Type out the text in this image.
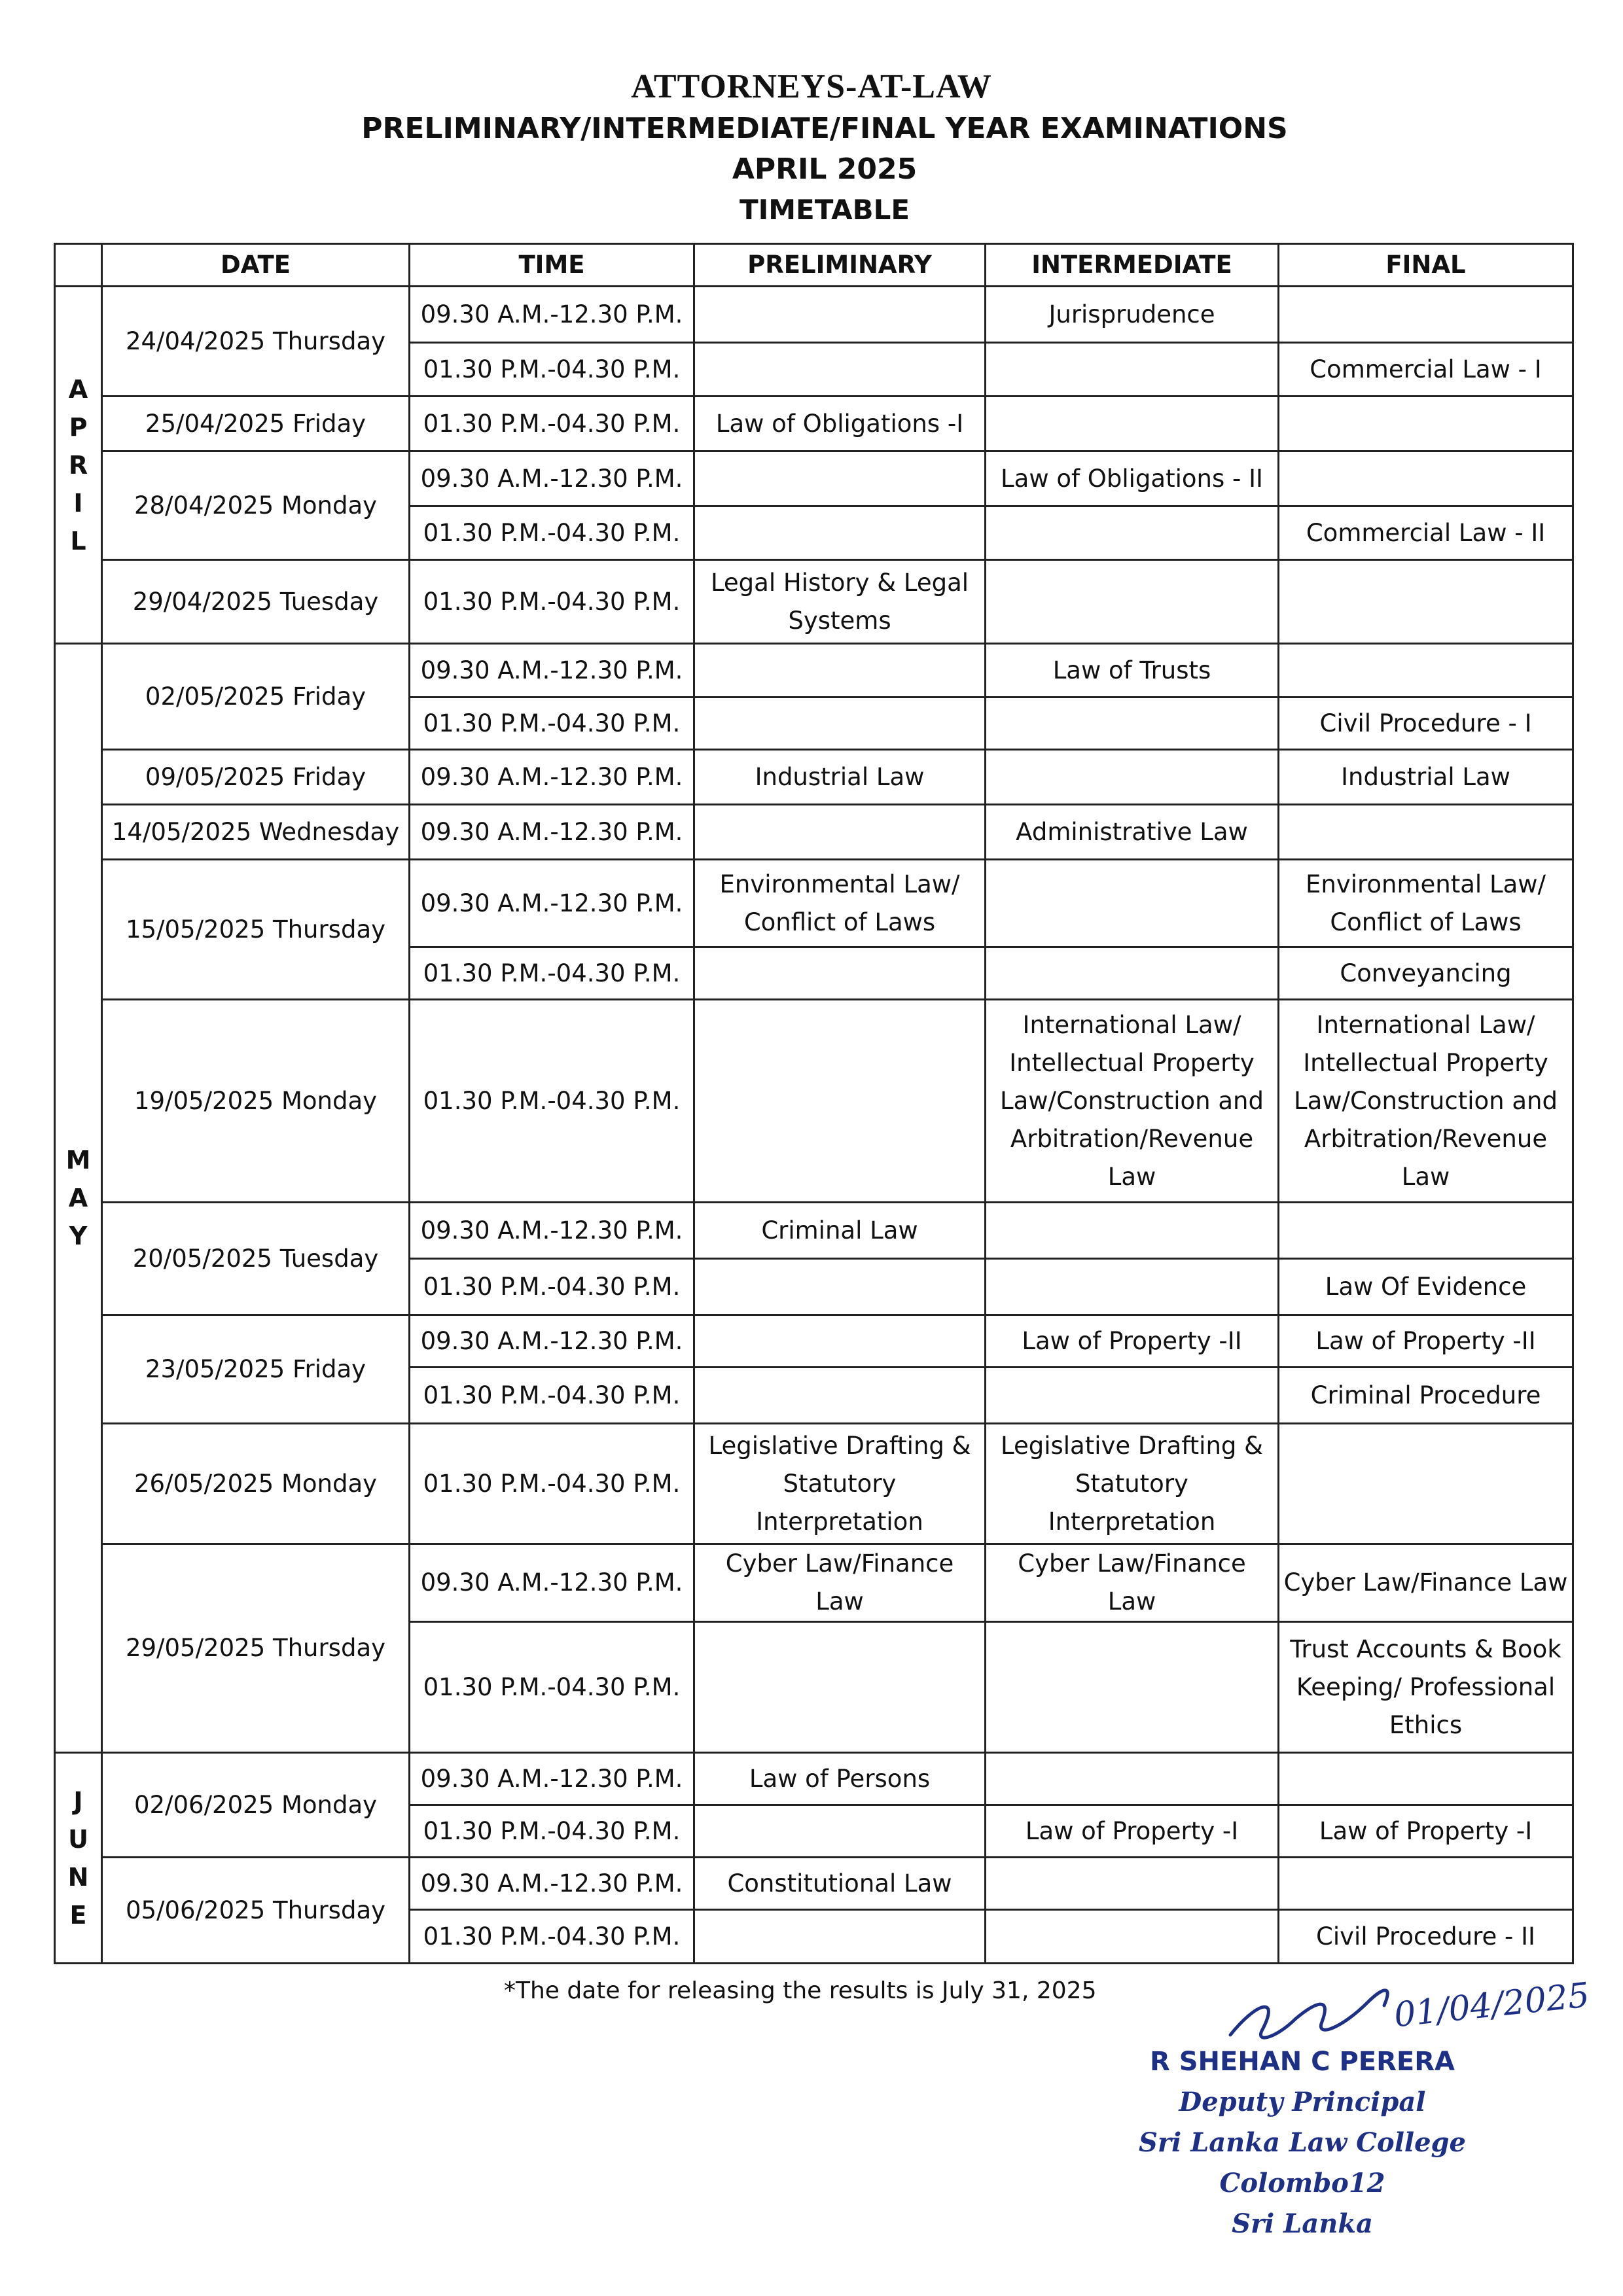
ATTORNEYS-AT-LAW
PRELIMINARY/INTERMEDIATE/FINAL YEAR EXAMINATIONS
APRIL 2025
TIMETABLE
	DATE	TIME	PRELIMINARY	INTERMEDIATE	FINAL

A
P
R
I
L	24/04/2025 Thursday	09.30 A.M.-12.30 P.M.		Jurisprudence	
		01.30 P.M.-04.30 P.M.			Commercial Law - I
	25/04/2025 Friday	01.30 P.M.-04.30 P.M.	Law of Obligations -I		
	28/04/2025 Monday	09.30 A.M.-12.30 P.M.		Law of Obligations - II	
		01.30 P.M.-04.30 P.M.			Commercial Law - II
	29/04/2025 Tuesday	01.30 P.M.-04.30 P.M.	Legal History & Legal Systems		

M
A
Y	02/05/2025 Friday	09.30 A.M.-12.30 P.M.		Law of Trusts	
		01.30 P.M.-04.30 P.M.			Civil Procedure - I
	09/05/2025 Friday	09.30 A.M.-12.30 P.M.	Industrial Law		Industrial Law
	14/05/2025 Wednesday	09.30 A.M.-12.30 P.M.		Administrative Law	
	15/05/2025 Thursday	09.30 A.M.-12.30 P.M.	Environmental Law/ Conflict of Laws		Environmental Law/ Conflict of Laws
		01.30 P.M.-04.30 P.M.			Conveyancing
	19/05/2025 Monday	01.30 P.M.-04.30 P.M.		International Law/ Intellectual Property Law/Construction and Arbitration/Revenue Law	International Law/ Intellectual Property Law/Construction and Arbitration/Revenue Law
	20/05/2025 Tuesday	09.30 A.M.-12.30 P.M.	Criminal Law		
		01.30 P.M.-04.30 P.M.			Law Of Evidence
	23/05/2025 Friday	09.30 A.M.-12.30 P.M.		Law of Property -II	Law of Property -II
		01.30 P.M.-04.30 P.M.			Criminal Procedure
	26/05/2025 Monday	01.30 P.M.-04.30 P.M.	Legislative Drafting & Statutory Interpretation	Legislative Drafting & Statutory Interpretation	
	29/05/2025 Thursday	09.30 A.M.-12.30 P.M.	Cyber Law/Finance Law	Cyber Law/Finance Law	Cyber Law/Finance Law
		01.30 P.M.-04.30 P.M.			Trust Accounts & Book Keeping/ Professional Ethics

J
U
N
E	02/06/2025 Monday	09.30 A.M.-12.30 P.M.	Law of Persons		
		01.30 P.M.-04.30 P.M.		Law of Property -I	Law of Property -I
	05/06/2025 Thursday	09.30 A.M.-12.30 P.M.	Constitutional Law		
		01.30 P.M.-04.30 P.M.			Civil Procedure - II
*The date for releasing the results is July 31, 2025	01/04/2025
R SHEHAN C PERERA
Deputy Principal
Sri Lanka Law College
Colombo12
Sri Lanka
